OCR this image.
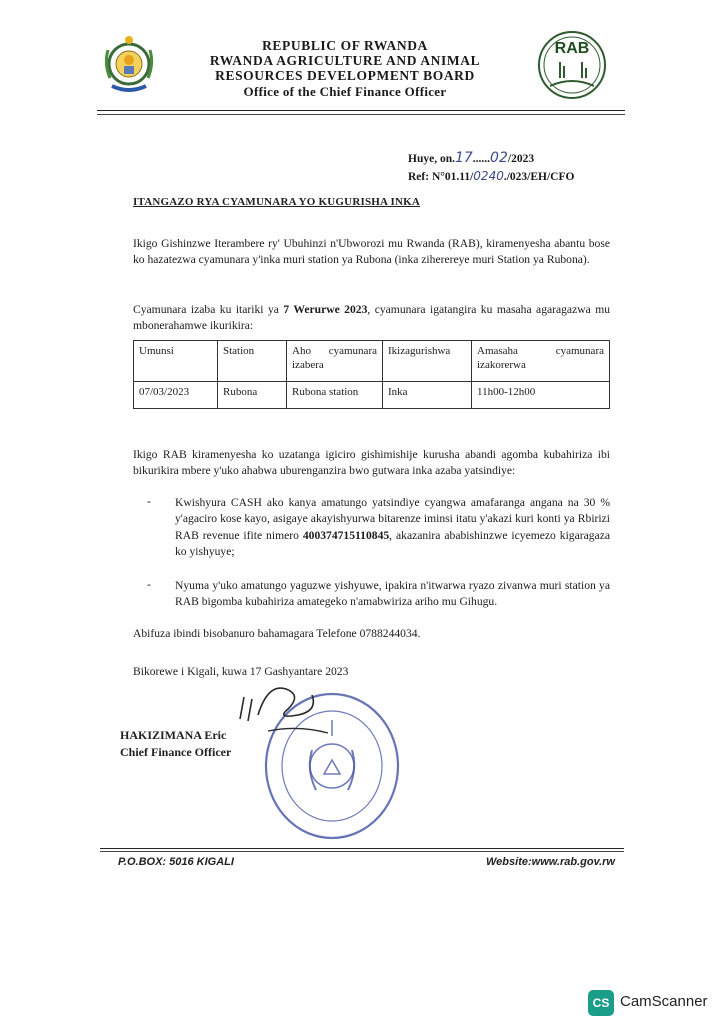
REPUBLIC OF RWANDA
RWANDA AGRICULTURE AND ANIMAL
RESOURCES DEVELOPMENT BOARD
Office of the Chief Finance Officer
RAB
Huye, on.17......02/2023
Ref: N°01.11/0240./023/EH/CFO
ITANGAZO RYA CYAMUNARA YO KUGURISHA INKA
Ikigo Gishinzwe Iterambere ry' Ubuhinzi n'Ubworozi mu Rwanda (RAB), kiramenyesha abantu bose ko hazatezwa cyamunara y'inka muri station ya Rubona (inka ziherereye muri Station ya Rubona).
Cyamunara izaba ku itariki ya 7 Werurwe 2023, cyamunara igatangira ku masaha agaragazwa mu mbonerahamwe ikurikira:
Umunsi	Station	Aho cyamunara izabera	Ikizagurishwa	Amasaha cyamunara izakorerwa
07/03/2023	Rubona	Rubona station	Inka	11h00-12h00
Ikigo RAB kiramenyesha ko uzatanga igiciro gishimishije kurusha abandi agomba kubahiriza ibi bikurikira mbere y'uko ahabwa uburenganzira bwo gutwara inka azaba yatsindiye:
- Kwishyura CASH ako kanya amatungo yatsindiye cyangwa amafaranga angana na 30 % y'agaciro kose kayo, asigaye akayishyurwa bitarenze iminsi itatu y'akazi kuri konti ya Rbirizi RAB revenue ifite nimero 400374715110845, akazanira ababishinzwe icyemezo kigaragaza ko yishyuye;
- Nyuma y'uko amatungo yaguzwe yishyuwe, ipakira n'itwarwa ryazo zivanwa muri station ya RAB bigomba kubahiriza amategeko n'amabwiriza ariho mu Gihugu.
Abifuza ibindi bisobanuro bahamagara Telefone 0788244034.
Bikorewe i Kigali, kuwa 17 Gashyantare 2023
HAKIZIMANA Eric
Chief Finance Officer
P.O.BOX: 5016 KIGALI	Website:www.rab.gov.rw
CS CamScanner
